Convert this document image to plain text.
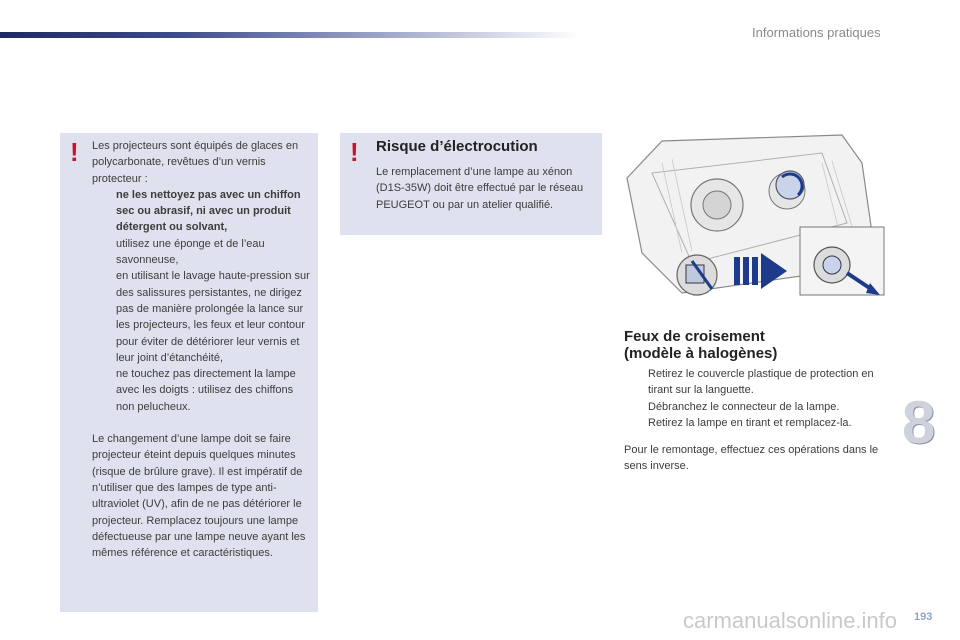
Informations pratiques
! Les projecteurs sont équipés de glaces en polycarbonate, revêtues d’un vernis protecteur :

ne les nettoyez pas avec un chiffon sec ou abrasif, ni avec un produit détergent ou solvant,
utilisez une éponge et de l’eau savonneuse,
en utilisant le lavage haute-pression sur des salissures persistantes, ne dirigez pas de manière prolongée la lance sur les projecteurs, les feux et leur contour pour éviter de détériorer leur vernis et leur joint d’étanchéité,
ne touchez pas directement la lampe avec les doigts : utilisez des chiffons non pelucheux.

Le changement d’une lampe doit se faire projecteur éteint depuis quelques minutes (risque de brûlure grave). Il est impératif de n’utiliser que des lampes de type anti-ultraviolet (UV), afin de ne pas détériorer le projecteur. Remplacez toujours une lampe défectueuse par une lampe neuve ayant les mêmes référence et caractéristiques.

! Risque d’électrocution
Le remplacement d’une lampe au xénon (D1S-35W) doit être effectué par le réseau PEUGEOT ou par un atelier qualifié.
Feux de croisement
(modèle à halogènes)
Retirez le couvercle plastique de protection en tirant sur la languette.
Débranchez le connecteur de la lampe.
Retirez la lampe en tirant et remplacez-la.

Pour le remontage, effectuez ces opérations dans le sens inverse.

8
carmanualsonline.info 193
